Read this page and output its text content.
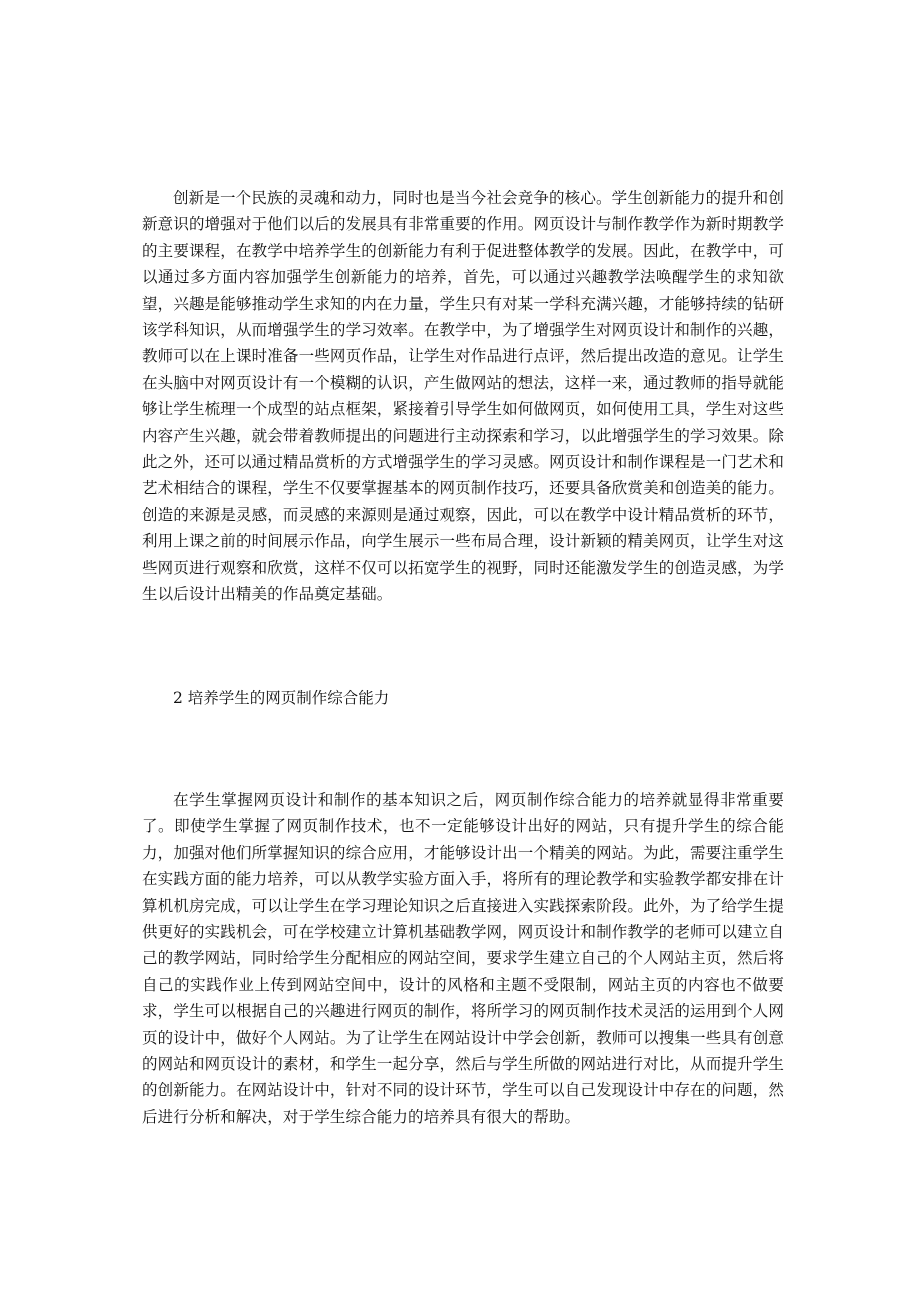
创新是一个民族的灵魂和动力，同时也是当今社会竞争的核心。学生创新能力的提升和创新意识的增强对于他们以后的发展具有非常重要的作用。网页设计与制作教学作为新时期教学的主要课程，在教学中培养学生的创新能力有利于促进整体教学的发展。因此，在教学中，可以通过多方面内容加强学生创新能力的培养，首先，可以通过兴趣教学法唤醒学生的求知欲望，兴趣是能够推动学生求知的内在力量，学生只有对某一学科充满兴趣，才能够持续的钻研该学科知识，从而增强学生的学习效率。在教学中，为了增强学生对网页设计和制作的兴趣，教师可以在上课时准备一些网页作品，让学生对作品进行点评，然后提出改造的意见。让学生在头脑中对网页设计有一个模糊的认识，产生做网站的想法，这样一来，通过教师的指导就能够让学生梳理一个成型的站点框架，紧接着引导学生如何做网页，如何使用工具，学生对这些内容产生兴趣，就会带着教师提出的问题进行主动探索和学习，以此增强学生的学习效果。除此之外，还可以通过精品赏析的方式增强学生的学习灵感。网页设计和制作课程是一门艺术和艺术相结合的课程，学生不仅要掌握基本的网页制作技巧，还要具备欣赏美和创造美的能力。创造的来源是灵感，而灵感的来源则是通过观察，因此，可以在教学中设计精品赏析的环节，利用上课之前的时间展示作品，向学生展示一些布局合理，设计新颖的精美网页，让学生对这些网页进行观察和欣赏，这样不仅可以拓宽学生的视野，同时还能激发学生的创造灵感，为学生以后设计出精美的作品奠定基础。

2 培养学生的网页制作综合能力

在学生掌握网页设计和制作的基本知识之后，网页制作综合能力的培养就显得非常重要了。即使学生掌握了网页制作技术，也不一定能够设计出好的网站，只有提升学生的综合能力，加强对他们所掌握知识的综合应用，才能够设计出一个精美的网站。为此，需要注重学生在实践方面的能力培养，可以从教学实验方面入手，将所有的理论教学和实验教学都安排在计算机机房完成，可以让学生在学习理论知识之后直接进入实践探索阶段。此外，为了给学生提供更好的实践机会，可在学校建立计算机基础教学网，网页设计和制作教学的老师可以建立自己的教学网站，同时给学生分配相应的网站空间，要求学生建立自己的个人网站主页，然后将自己的实践作业上传到网站空间中，设计的风格和主题不受限制，网站主页的内容也不做要求，学生可以根据自己的兴趣进行网页的制作，将所学习的网页制作技术灵活的运用到个人网页的设计中，做好个人网站。为了让学生在网站设计中学会创新，教师可以搜集一些具有创意的网站和网页设计的素材，和学生一起分享，然后与学生所做的网站进行对比，从而提升学生的创新能力。在网站设计中，针对不同的设计环节，学生可以自己发现设计中存在的问题，然后进行分析和解决，对于学生综合能力的培养具有很大的帮助。
